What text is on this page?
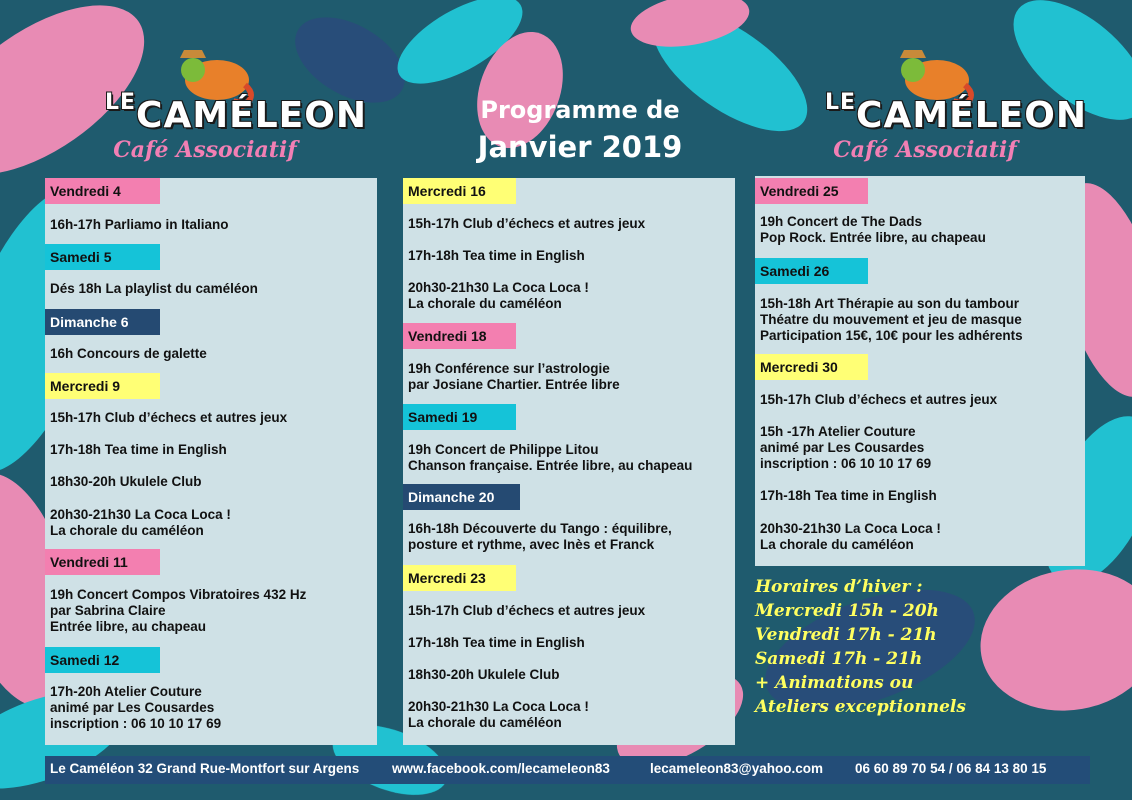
$^{LE}$CAMÉLEON
Café Associatif
$^{LE}$CAMÉLEON
Café Associatif
Programme de
Janvier 2019
Vendredi 4
16h-17h Parliamo in Italiano
Samedi 5
Dés 18h La playlist du caméléon
Dimanche 6
16h Concours de galette
Mercredi 9
15h-17h Club d’échecs et autres jeux
17h-18h Tea time in English
18h30-20h Ukulele Club
20h30-21h30 La Coca Loca !
La chorale du caméléon
Vendredi 11
19h Concert Compos Vibratoires 432 Hz
par Sabrina Claire
Entrée libre, au chapeau
Samedi 12
17h-20h Atelier Couture
animé par Les Cousardes
inscription : 06 10 10 17 69
Mercredi 16
15h-17h Club d’échecs et autres jeux
17h-18h Tea time in English
20h30-21h30 La Coca Loca !
La chorale du caméléon
Vendredi 18
19h Conférence sur l’astrologie
par Josiane Chartier. Entrée libre
Samedi 19
19h Concert de Philippe Litou
Chanson française. Entrée libre, au chapeau
Dimanche 20
16h-18h Découverte du Tango : équilibre,
posture et rythme, avec Inès et Franck
Mercredi 23
15h-17h Club d’échecs et autres jeux
17h-18h Tea time in English
18h30-20h Ukulele Club
20h30-21h30 La Coca Loca !
La chorale du caméléon
Vendredi 25
19h Concert de The Dads
Pop Rock. Entrée libre, au chapeau
Samedi 26
15h-18h Art Thérapie au son du tambour
Théatre du mouvement et jeu de masque
Participation 15€, 10€ pour les adhérents
Mercredi 30
15h-17h Club d’échecs et autres jeux
15h -17h Atelier Couture
animé par Les Cousardes
inscription : 06 10 10 17 69
17h-18h Tea time in English
20h30-21h30 La Coca Loca !
La chorale du caméléon
Horaires d’hiver :
Mercredi 15h - 20h
Vendredi 17h - 21h
Samedi 17h - 21h
+ Animations ou
Ateliers exceptionnels
Le Caméléon 32 Grand Rue-Montfort sur Argens www.facebook.com/lecameleon83	lecameleon83@yahoo.com 06 60 89 70 54 / 06 84 13 80 15
